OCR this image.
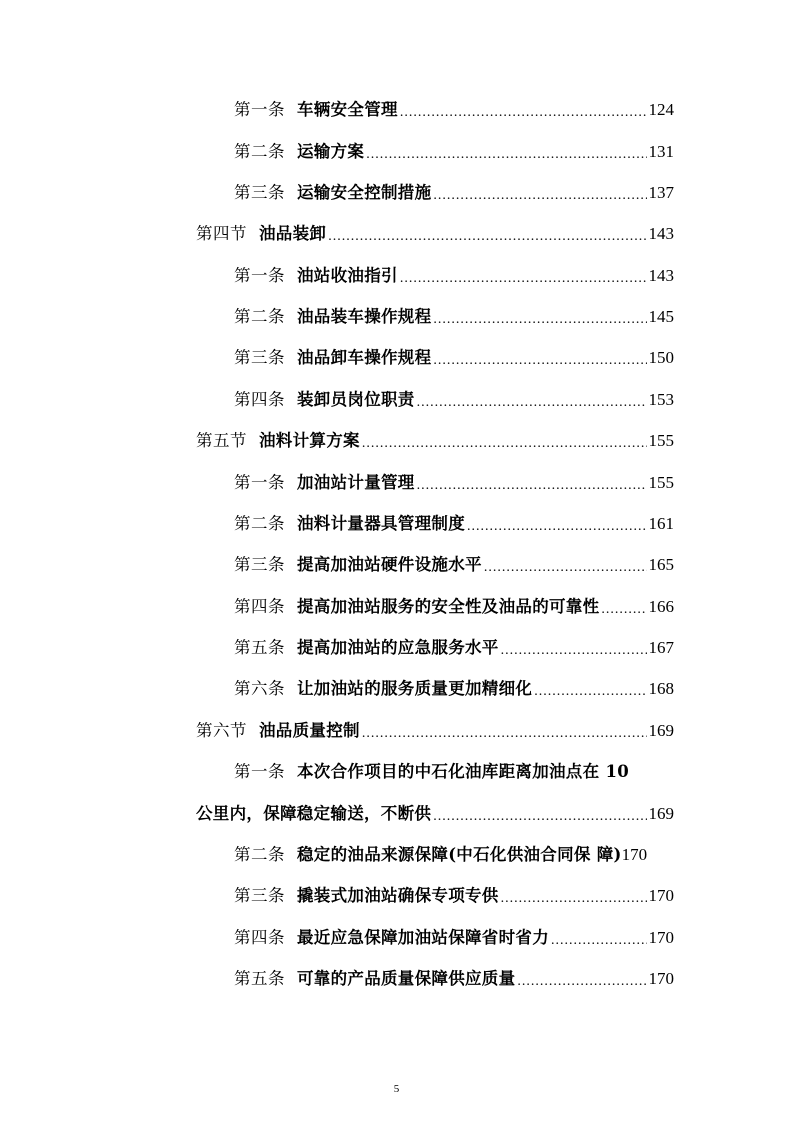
第一条 车辆安全管理 .....	124
第二条 运输方案 .....	131
第三条 运输安全控制措施 .....	137
第四节 油品装卸 .....	143
第一条 油站收油指引 .....	143
第二条 油品装车操作规程 .....	145
第三条 油品卸车操作规程 .....	150
第四条 装卸员岗位职责 .....	153
第五节 油料计算方案 .....	155
第一条 加油站计量管理 .....	155
第二条 油料计量器具管理制度 .....	161
第三条 提高加油站硬件设施水平 .....	165
第四条 提高加油站服务的安全性及油品的可靠性 .....	166
第五条 提高加油站的应急服务水平 .....	167
第六条 让加油站的服务质量更加精细化 .....	168
第六节 油品质量控制 .....	169
第一条 本次合作项目的中石化油库距离加油点在 10
公里内，保障稳定输送，不断供 .....	169
第二条 稳定的油品来源保障(中石化供油合同保 障) 170
第三条 撬装式加油站确保专项专供 .....	170
第四条 最近应急保障加油站保障省时省力 .....	170
第五条 可靠的产品质量保障供应质量 .....	170
5
